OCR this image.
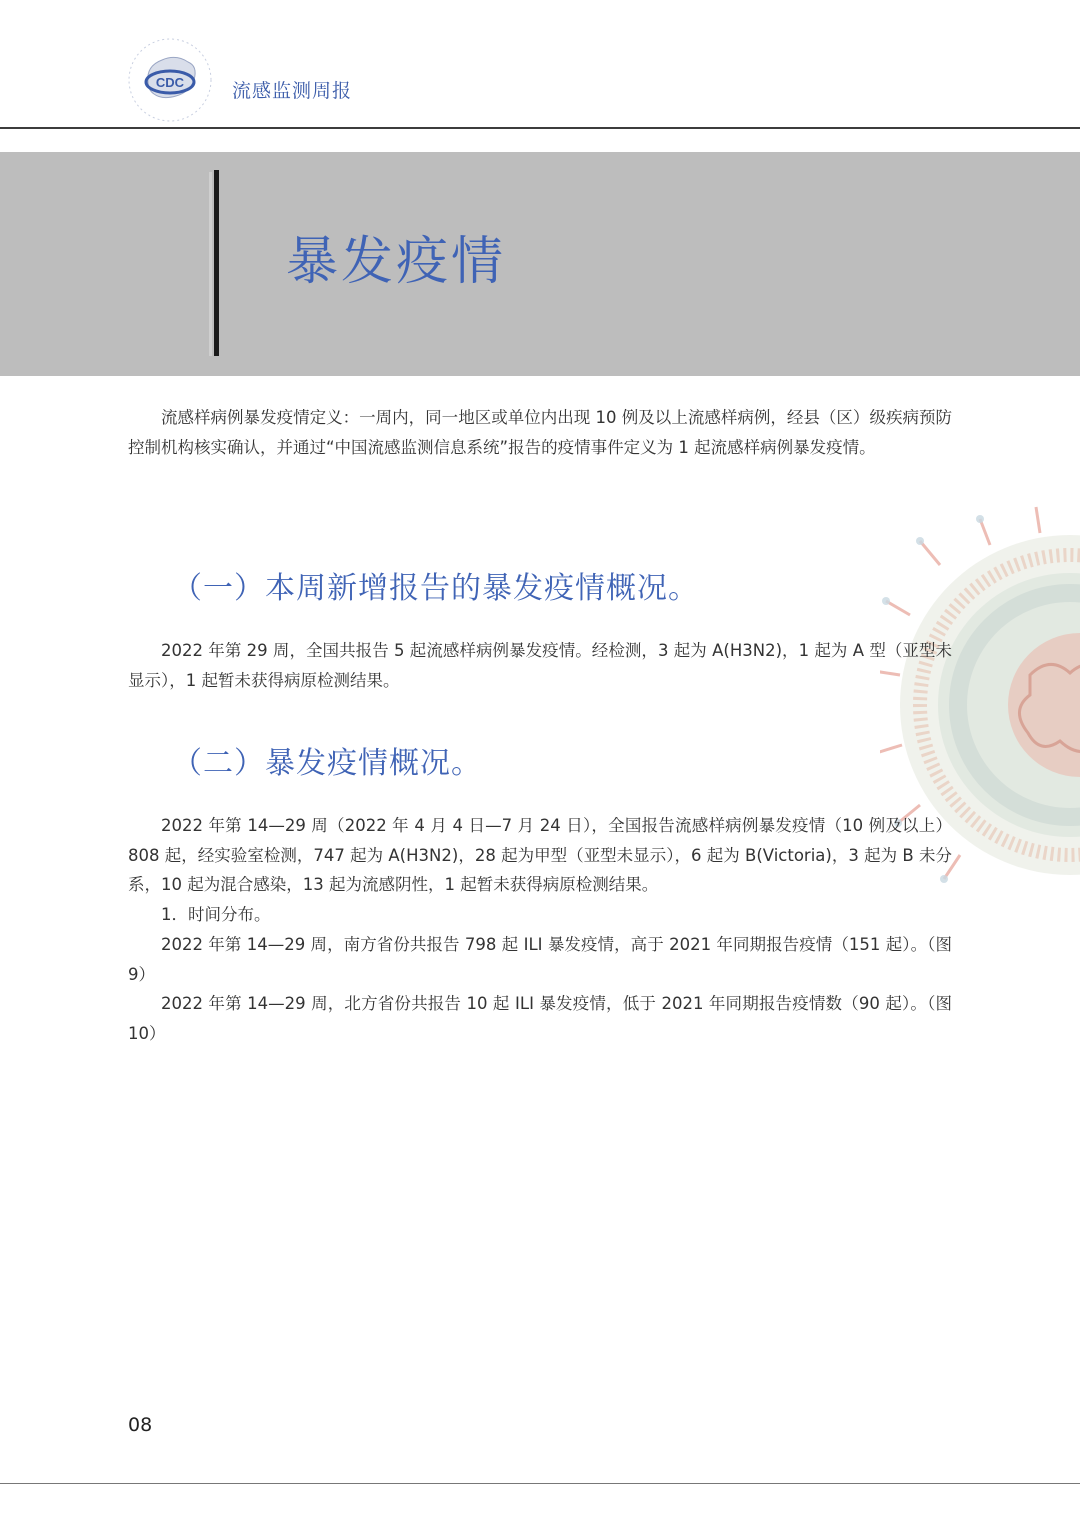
CDC	流感监测周报
暴发疫情

流感样病例暴发疫情定义：一周内，同一地区或单位内出现 10 例及以上流感样病例，经县（区）级疾病预防控制机构核实确认，并通过“中国流感监测信息系统”报告的疫情事件定义为 1 起流感样病例暴发疫情。

（一）本周新增报告的暴发疫情概况。

2022 年第 29 周，全国共报告 5 起流感样病例暴发疫情。经检测，3 起为 A(H3N2)，1 起为 A 型（亚型未显示），1 起暂未获得病原检测结果。

（二）暴发疫情概况。

2022 年第 14—29 周（2022 年 4 月 4 日—7 月 24 日），全国报告流感样病例暴发疫情（10 例及以上）808 起，经实验室检测，747 起为 A(H3N2)，28 起为甲型（亚型未显示），6 起为 B(Victoria)，3 起为 B 未分系，10 起为混合感染，13 起为流感阴性，1 起暂未获得病原检测结果。

1．时间分布。

2022 年第 14—29 周，南方省份共报告 798 起 ILI 暴发疫情，高于 2021 年同期报告疫情（151 起）。（图 9）

2022 年第 14—29 周，北方省份共报告 10 起 ILI 暴发疫情，低于 2021 年同期报告疫情数（90 起）。（图 10）

08
